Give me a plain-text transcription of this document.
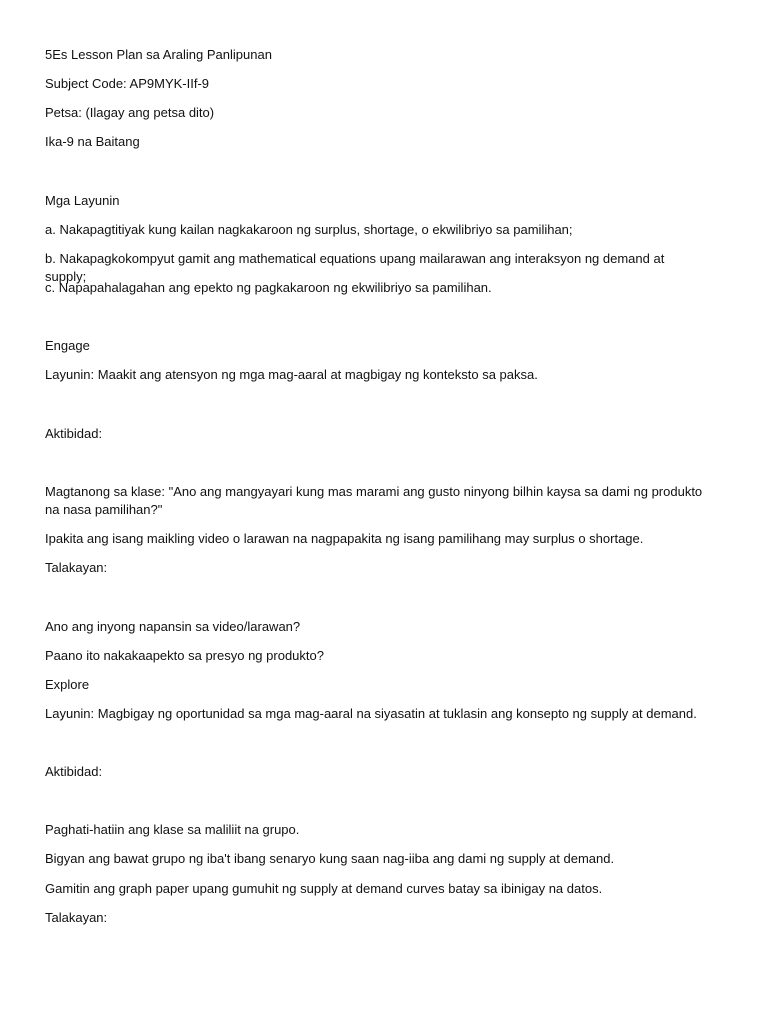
5Es Lesson Plan sa Araling Panlipunan
Subject Code: AP9MYK-IIf-9
Petsa: (Ilagay ang petsa dito)
Ika-9 na Baitang
Mga Layunin
a. Nakapagtitiyak kung kailan nagkakaroon ng surplus, shortage, o ekwilibriyo sa pamilihan;
b. Nakapagkokompyut gamit ang mathematical equations upang mailarawan ang interaksyon ng demand at supply;
c. Napapahalagahan ang epekto ng pagkakaroon ng ekwilibriyo sa pamilihan.
Engage
Layunin: Maakit ang atensyon ng mga mag-aaral at magbigay ng konteksto sa paksa.
Aktibidad:
Magtanong sa klase: "Ano ang mangyayari kung mas marami ang gusto ninyong bilhin kaysa sa dami ng produkto na nasa pamilihan?"
Ipakita ang isang maikling video o larawan na nagpapakita ng isang pamilihang may surplus o shortage.
Talakayan:
Ano ang inyong napansin sa video/larawan?
Paano ito nakakaapekto sa presyo ng produkto?
Explore
Layunin: Magbigay ng oportunidad sa mga mag-aaral na siyasatin at tuklasin ang konsepto ng supply at demand.
Aktibidad:
Paghati-hatiin ang klase sa maliliit na grupo.
Bigyan ang bawat grupo ng iba't ibang senaryo kung saan nag-iiba ang dami ng supply at demand.
Gamitin ang graph paper upang gumuhit ng supply at demand curves batay sa ibinigay na datos.
Talakayan:
